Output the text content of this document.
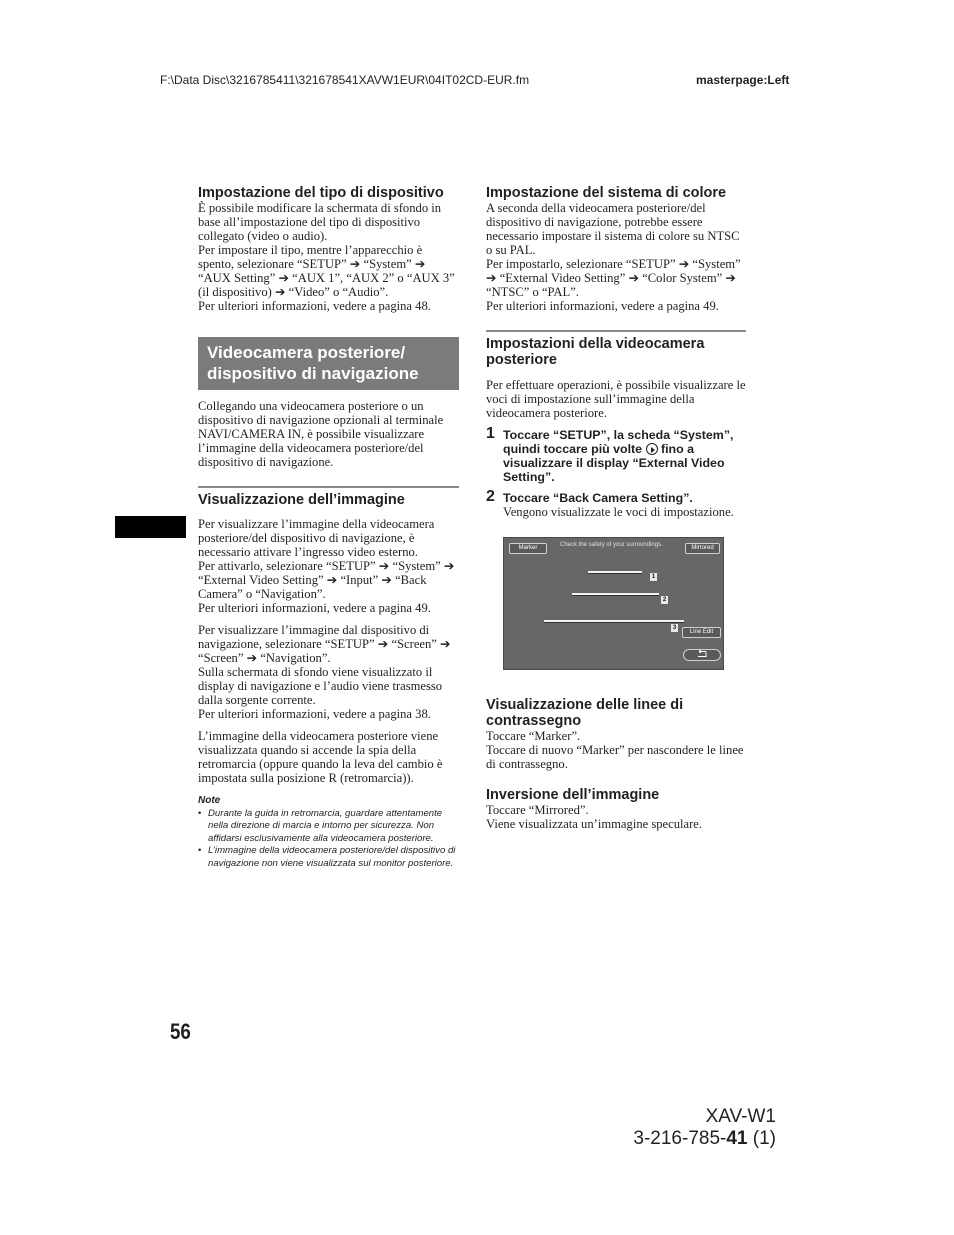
F:\Data Disc\3216785411\321678541XAVW1EUR\04IT02CD-EUR.fm	masterpage:Left
Impostazione del tipo di dispositivo

È possibile modificare la schermata di sfondo in base all’impostazione del tipo di dispositivo collegato (video o audio).

Per impostare il tipo, mentre l’apparecchio è spento, selezionare “SETUP” ➔ “System” ➔ “AUX Setting” ➔ “AUX 1”, “AUX 2” o “AUX 3” (il dispositivo) ➔ “Video” o “Audio”.

Per ulteriori informazioni, vedere a pagina 48.

Videocamera posteriore/
dispositivo di navigazione

Collegando una videocamera posteriore o un dispositivo di navigazione opzionali al terminale NAVI/CAMERA IN, è possibile visualizzare l’immagine della videocamera posteriore/del dispositivo di navigazione.

Visualizzazione dell’immagine

Per visualizzare l’immagine della videocamera posteriore/del dispositivo di navigazione, è necessario attivare l’ingresso video esterno.

Per attivarlo, selezionare “SETUP” ➔ “System” ➔ “External Video Setting” ➔ “Input” ➔ “Back Camera” o “Navigation”.

Per ulteriori informazioni, vedere a pagina 49.

Per visualizzare l’immagine dal dispositivo di navigazione, selezionare “SETUP” ➔ “Screen” ➔ “Screen” ➔ “Navigation”.

Sulla schermata di sfondo viene visualizzato il display di navigazione e l’audio viene trasmesso dalla sorgente corrente.

Per ulteriori informazioni, vedere a pagina 38.

L’immagine della videocamera posteriore viene visualizzata quando si accende la spia della retromarcia (oppure quando la leva del cambio è impostata sulla posizione R (retromarcia)).

Note
• Durante la guida in retromarcia, guardare attentamente nella direzione di marcia e intorno per sicurezza. Non affidarsi esclusivamente alla videocamera posteriore.
• L’immagine della videocamera posteriore/del dispositivo di navigazione non viene visualizzata sul monitor posteriore.
Impostazione del sistema di colore

A seconda della videocamera posteriore/del dispositivo di navigazione, potrebbe essere necessario impostare il sistema di colore su NTSC o su PAL.

Per impostarlo, selezionare “SETUP” ➔ “System” ➔ “External Video Setting” ➔ “Color System” ➔ “NTSC” o “PAL”.

Per ulteriori informazioni, vedere a pagina 49.

Impostazioni della videocamera
posteriore

Per effettuare operazioni, è possibile visualizzare le voci di impostazione sull’immagine della videocamera posteriore.

1 Toccare “SETUP”, la scheda “System”, quindi toccare più volte fino a visualizzare il display “External Video Setting”.
2 Toccare “Back Camera Setting”.
Vengono visualizzate le voci di impostazione.
Marker	Mirrored
Check the safety of your surroundings.
1
2
3
Line Edit
Visualizzazione delle linee di
contrassegno

Toccare “Marker”.

Toccare di nuovo “Marker” per nascondere le linee di contrassegno.

Inversione dell’immagine

Toccare “Mirrored”.

Viene visualizzata un’immagine speculare.

56
XAV-W1
3-216-785-41 (1)
